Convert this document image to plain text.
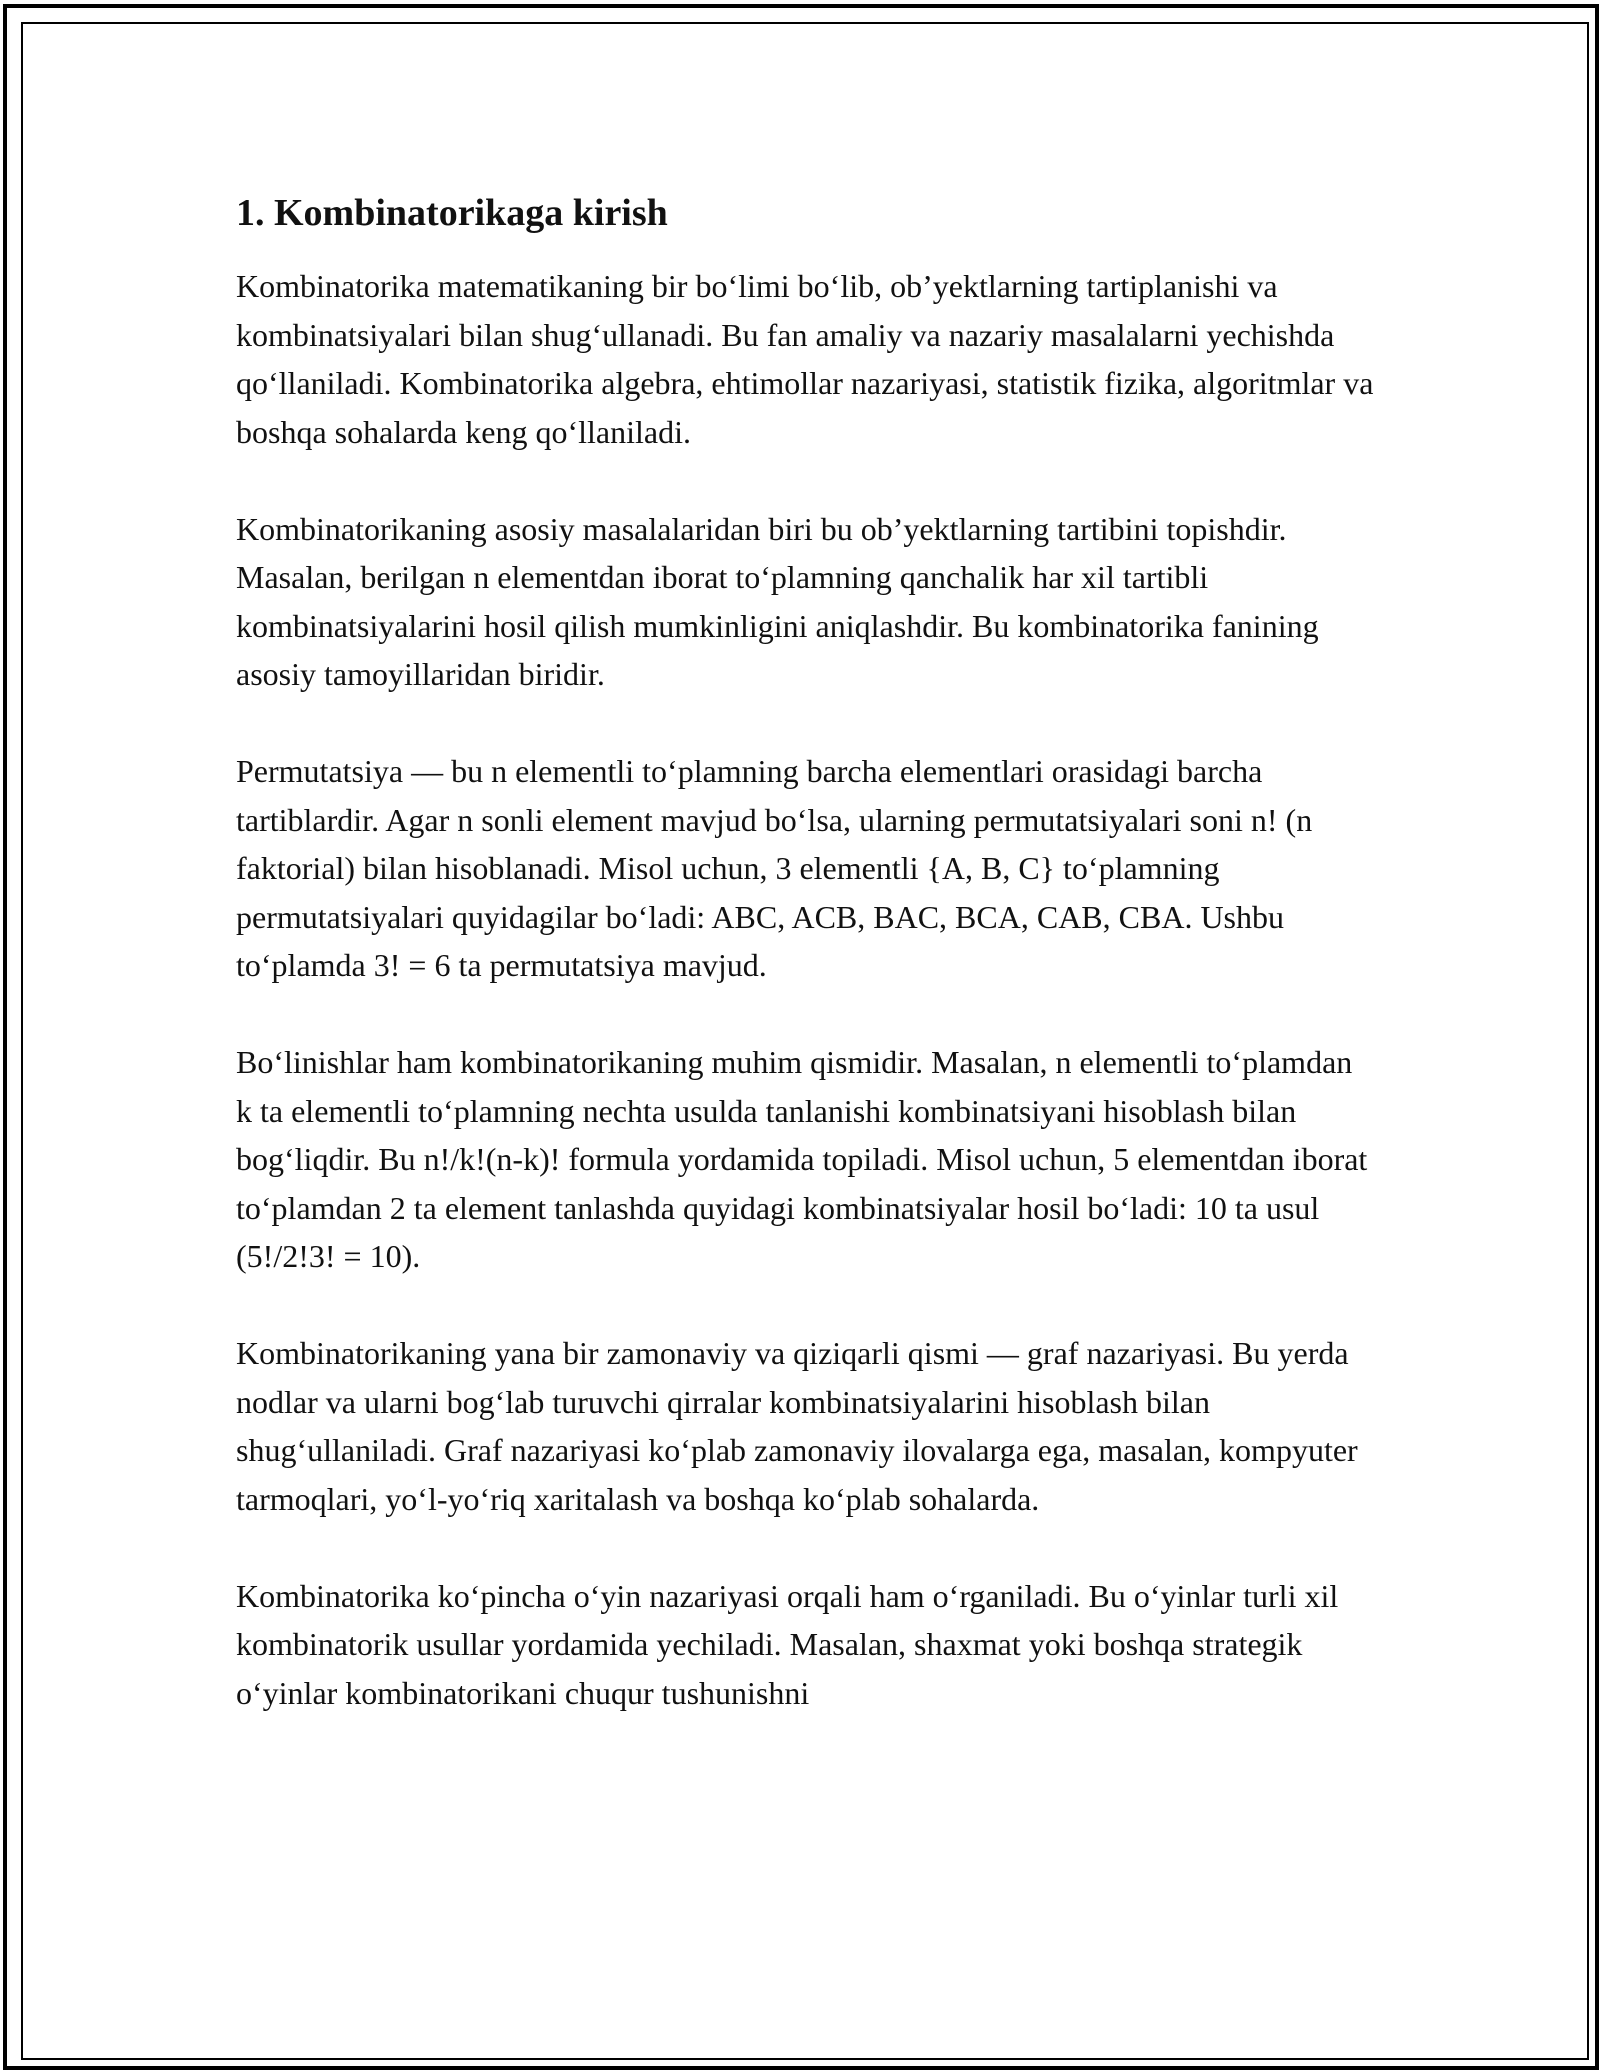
1. Kombinatorikaga kirish

Kombinatorika matematikaning bir bo‘limi bo‘lib, ob’yektlarning tartiplanishi va kombinatsiyalari bilan shug‘ullanadi. Bu fan amaliy va nazariy masalalarni yechishda qo‘llaniladi. Kombinatorika algebra, ehtimollar nazariyasi, statistik fizika, algoritmlar va boshqa sohalarda keng qo‘llaniladi.

Kombinatorikaning asosiy masalalaridan biri bu ob’yektlarning tartibini topishdir. Masalan, berilgan n elementdan iborat to‘plamning qanchalik har xil tartibli kombinatsiyalarini hosil qilish mumkinligini aniqlashdir. Bu kombinatorika fanining asosiy tamoyillaridan biridir.

Permutatsiya — bu n elementli to‘plamning barcha elementlari orasidagi barcha tartiblardir. Agar n sonli element mavjud bo‘lsa, ularning permutatsiyalari soni n! (n faktorial) bilan hisoblanadi. Misol uchun, 3 elementli {A, B, C} to‘plamning permutatsiyalari quyidagilar bo‘ladi: ABC, ACB, BAC, BCA, CAB, CBA. Ushbu to‘plamda 3! = 6 ta permutatsiya mavjud.

Bo‘linishlar ham kombinatorikaning muhim qismidir. Masalan, n elementli to‘plamdan k ta elementli to‘plamning nechta usulda tanlanishi kombinatsiyani hisoblash bilan bog‘liqdir. Bu n!/k!(n-k)! formula yordamida topiladi. Misol uchun, 5 elementdan iborat to‘plamdan 2 ta element tanlashda quyidagi kombinatsiyalar hosil bo‘ladi: 10 ta usul (5!/2!3! = 10).

Kombinatorikaning yana bir zamonaviy va qiziqarli qismi — graf nazariyasi. Bu yerda nodlar va ularni bog‘lab turuvchi qirralar kombinatsiyalarini hisoblash bilan shug‘ullaniladi. Graf nazariyasi ko‘plab zamonaviy ilovalarga ega, masalan, kompyuter tarmoqlari, yo‘l-yo‘riq xaritalash va boshqa ko‘plab sohalarda.

Kombinatorika ko‘pincha o‘yin nazariyasi orqali ham o‘rganiladi. Bu o‘yinlar turli xil kombinatorik usullar yordamida yechiladi. Masalan, shaxmat yoki boshqa strategik o‘yinlar kombinatorikani chuqur tushunishni
